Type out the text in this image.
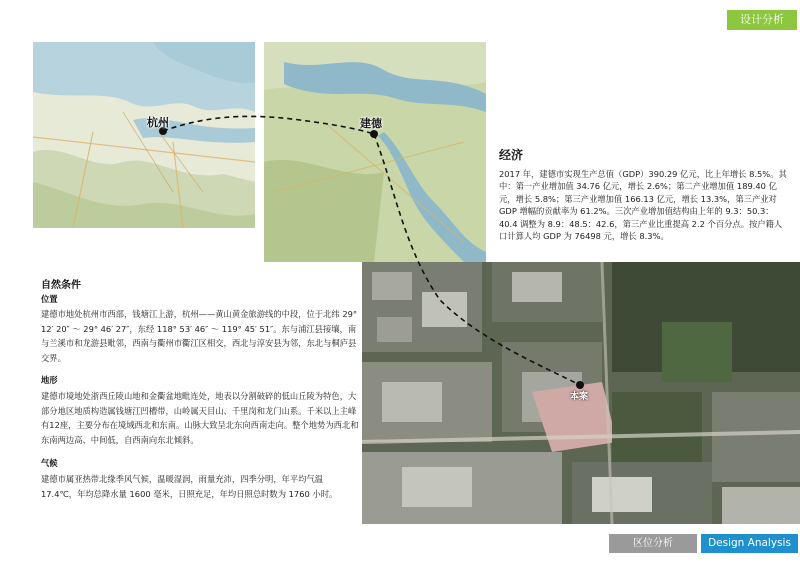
设计分析
杭州	建德
本案
经济
2017 年，建德市实现生产总值（GDP）390.29 亿元，比上年增长 8.5%。其中：第一产业增加值 34.76 亿元，增长 2.6%；第二产业增加值 189.40 亿元，增长 5.8%；第三产业增加值 166.13 亿元，增长 13.3%，第三产业对 GDP 增幅的贡献率为 61.2%。三次产业增加值结构由上年的 9.3：50.3：40.4 调整为 8.9：48.5：42.6，第三产业比重提高 2.2 个百分点。按户籍人口计算人均 GDP 为 76498 元，增长 8.3%。
自然条件
位置
建德市地处杭州市西部，钱塘江上游，杭州——黄山黄金旅游线的中段，位于北纬 29° 12′ 20″ ～ 29° 46′ 27″，东经 118° 53′ 46″ ～ 119° 45′ 51″。东与浦江县接壤，南与兰溪市和龙游县毗邻，西南与衢州市衢江区相交，西北与淳安县为邻，东北与桐庐县交界。
地形
建德市境地处浙西丘陵山地和金衢盆地毗连处，地表以分割破碎的低山丘陵为特色，大部分地区地质构造属钱塘江凹槽带，山岭属天目山、千里岗和龙门山系。千米以上主峰有12座，主要分布在境域西北和东南。山脉大致呈北东向西南走向。整个地势为西北和东南两边高、中间低，自西南向东北倾斜。
气候
建德市属亚热带北缘季风气候，温暖湿润，雨量充沛，四季分明，年平均气温 17.4℃，年均总降水量 1600 毫米，日照充足，年均日照总时数为 1760 小时。
区位分析	Design Analysis
